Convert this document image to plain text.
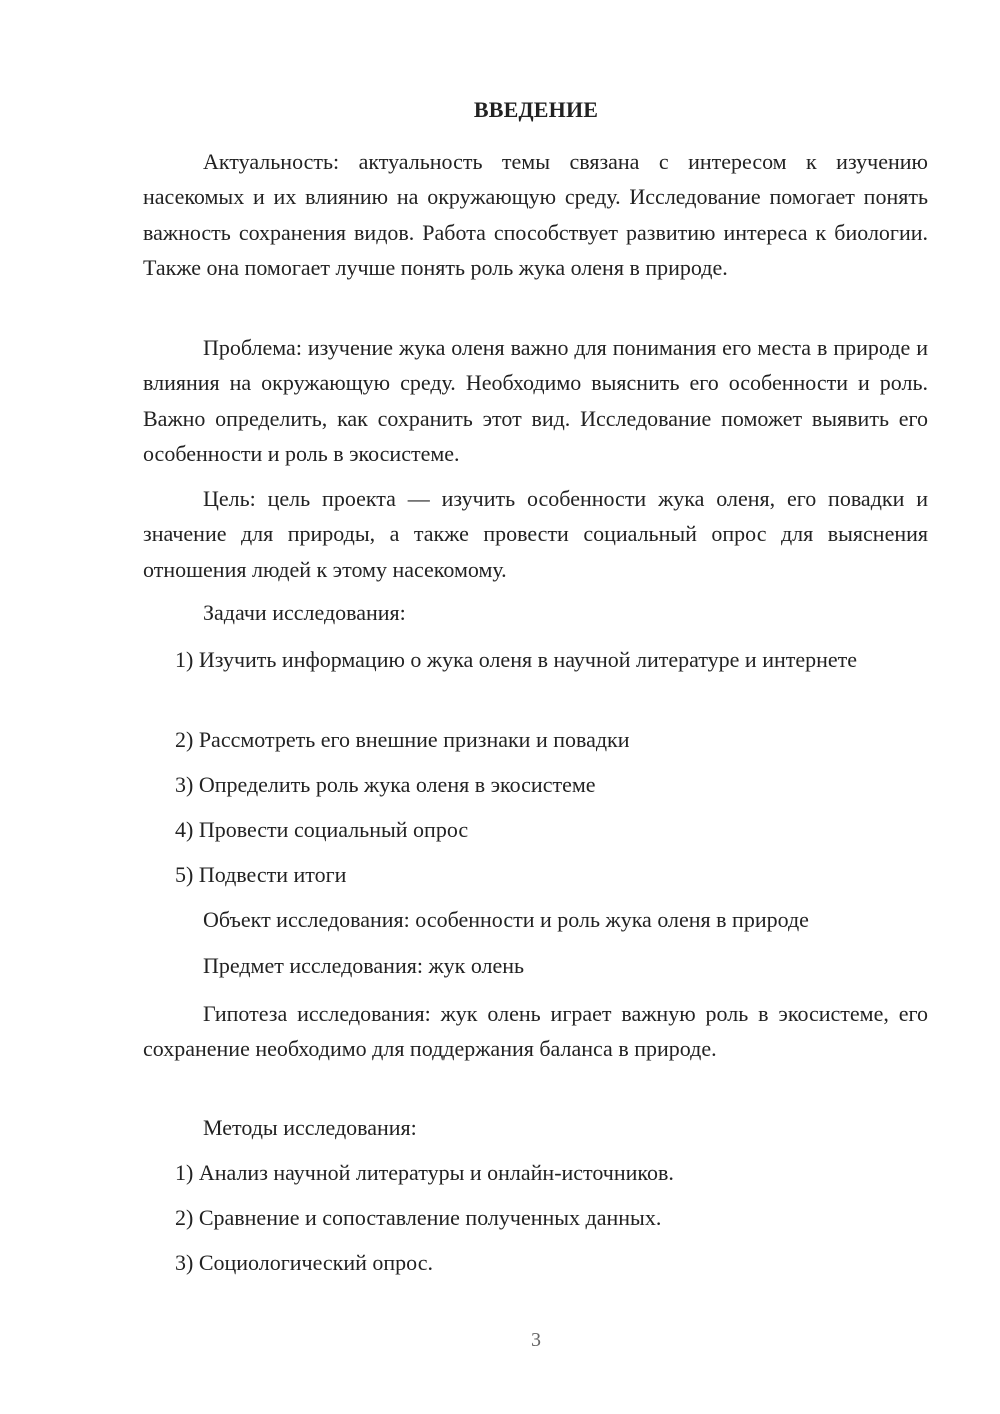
ВВЕДЕНИЕ

Актуальность: актуальность темы связана с интересом к изучению насекомых и их влиянию на окружающую среду. Исследование помогает понять важность сохранения видов. Работа способствует развитию интереса к биологии. Также она помогает лучше понять роль жука оленя в природе.

Проблема: изучение жука оленя важно для понимания его места в природе и влияния на окружающую среду. Необходимо выяснить его особенности и роль. Важно определить, как сохранить этот вид. Исследование поможет выявить его особенности и роль в экосистеме.

Цель: цель проекта — изучить особенности жука оленя, его повадки и значение для природы, а также провести социальный опрос для выяснения отношения людей к этому насекомому.

Задачи исследования:

1) Изучить информацию о жука оленя в научной литературе и интернете

2) Рассмотреть его внешние признаки и повадки

3) Определить роль жука оленя в экосистеме

4) Провести социальный опрос

5) Подвести итоги

Объект исследования: особенности и роль жука оленя в природе

Предмет исследования: жук олень

Гипотеза исследования: жук олень играет важную роль в экосистеме, его сохранение необходимо для поддержания баланса в природе.

Методы исследования:

1) Анализ научной литературы и онлайн-источников.

2) Сравнение и сопоставление полученных данных.

3) Социологический опрос.

3
